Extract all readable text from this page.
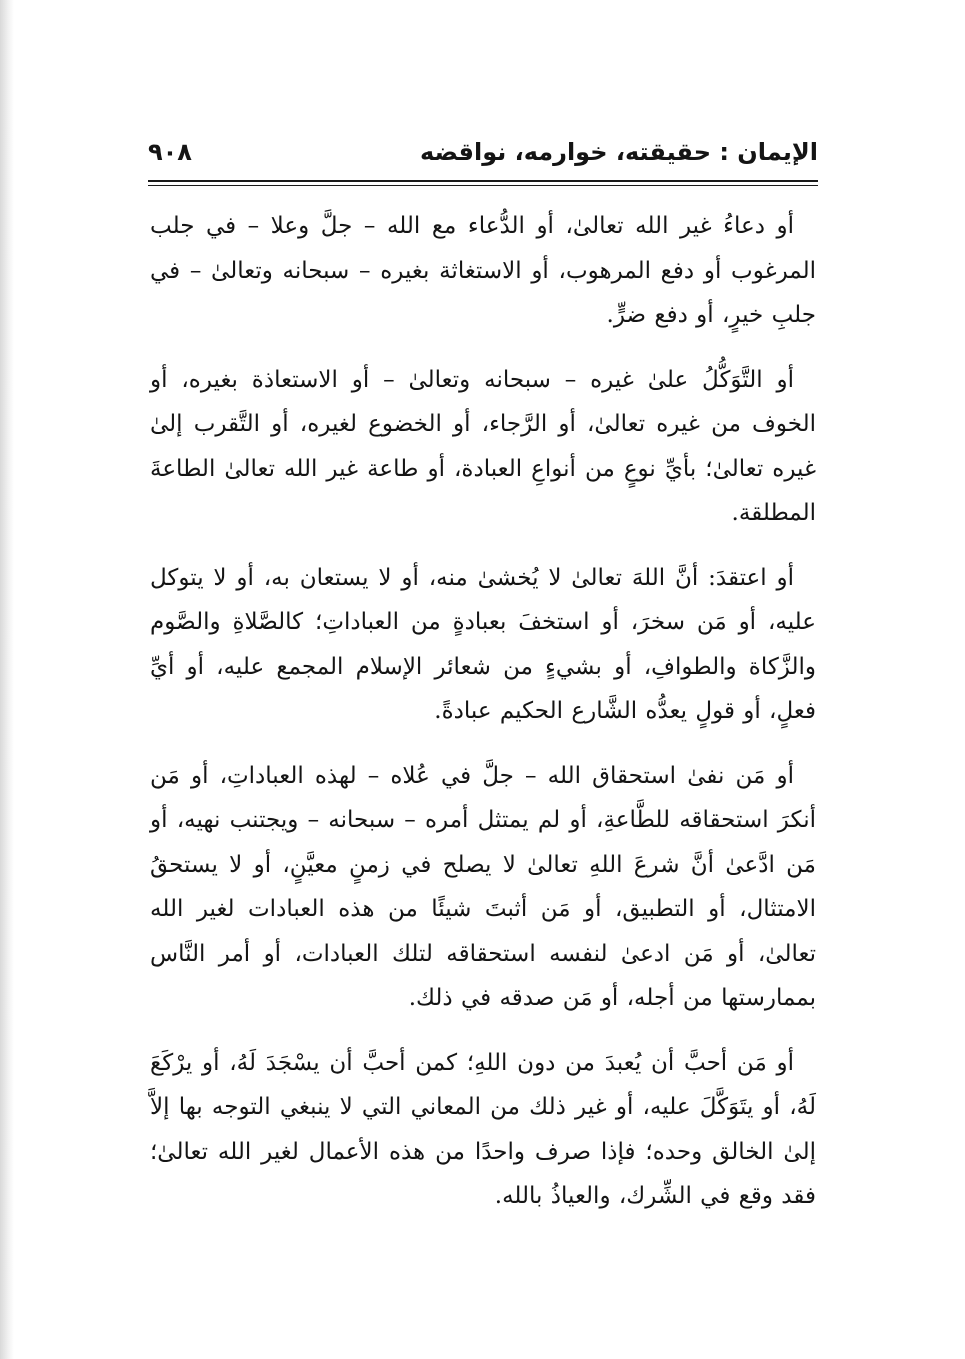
الإيمان : حقيقته، خوارمه، نواقضه
٩٠٨

أو دعاءُ غير الله تعالىٰ، أو الدُّعاء مع الله – جلَّ وعلا – في جلب المرغوب أو دفع المرهوب، أو الاستغاثة بغيره – سبحانه وتعالىٰ – في جلبِ خيرٍ، أو دفع ضرٍّ.

أو التَّوَكُّلُ علىٰ غيره – سبحانه وتعالىٰ – أو الاستعاذة بغيره، أو الخوف من غيره تعالىٰ، أو الرَّجاء، أو الخضوع لغيره، أو التَّقرب إلىٰ غيره تعالىٰ؛ بأيِّ نوعٍ من أنواعِ العبادة، أو طاعة غير الله تعالىٰ الطاعةَ المطلقة.

أو اعتقدَ: أنَّ اللهَ تعالىٰ لا يُخشىٰ منه، أو لا يستعان به، أو لا يتوكل عليه، أو مَن سخرَ، أو استخفَ بعبادةٍ من العباداتِ؛ كالصَّلاةِ والصَّوم والزَّكاة والطوافِ، أو بشيءٍ من شعائر الإسلام المجمع عليه، أو أيِّ فعلٍ، أو قولٍ يعدُّه الشَّارع الحكيم عبادةً.

أو مَن نفىٰ استحقاق الله – جلَّ في عُلاه – لهذه العباداتِ، أو مَن أنكرَ استحقاقه للطَّاعةِ، أو لم يمتثل أمره – سبحانه – ويجتنب نهيه، أو مَن ادَّعىٰ أنَّ شرعَ اللهِ تعالىٰ لا يصلح في زمنٍ معيَّنٍ، أو لا يستحقُ الامتثال، أو التطبيق، أو مَن أثبتَ شيئًا من هذه العبادات لغير الله تعالىٰ، أو مَن ادعىٰ لنفسه استحقاقه لتلك العبادات، أو أمر النَّاس بممارستها من أجله، أو مَن صدقه في ذلك.

أو مَن أحبَّ أن يُعبدَ من دون اللهِ؛ كمن أحبَّ أن يسْجَدَ لَهُ، أو يرْكَعَ لَهُ، أو يتَوَكَّلَ عليه، أو غير ذلك من المعاني التي لا ينبغي التوجه بها إلاَّ إلىٰ الخالق وحده؛ فإذا صرف واحدًا من هذه الأعمال لغير الله تعالىٰ؛ فقد وقع في الشِّرك، والعياذُ بالله.
